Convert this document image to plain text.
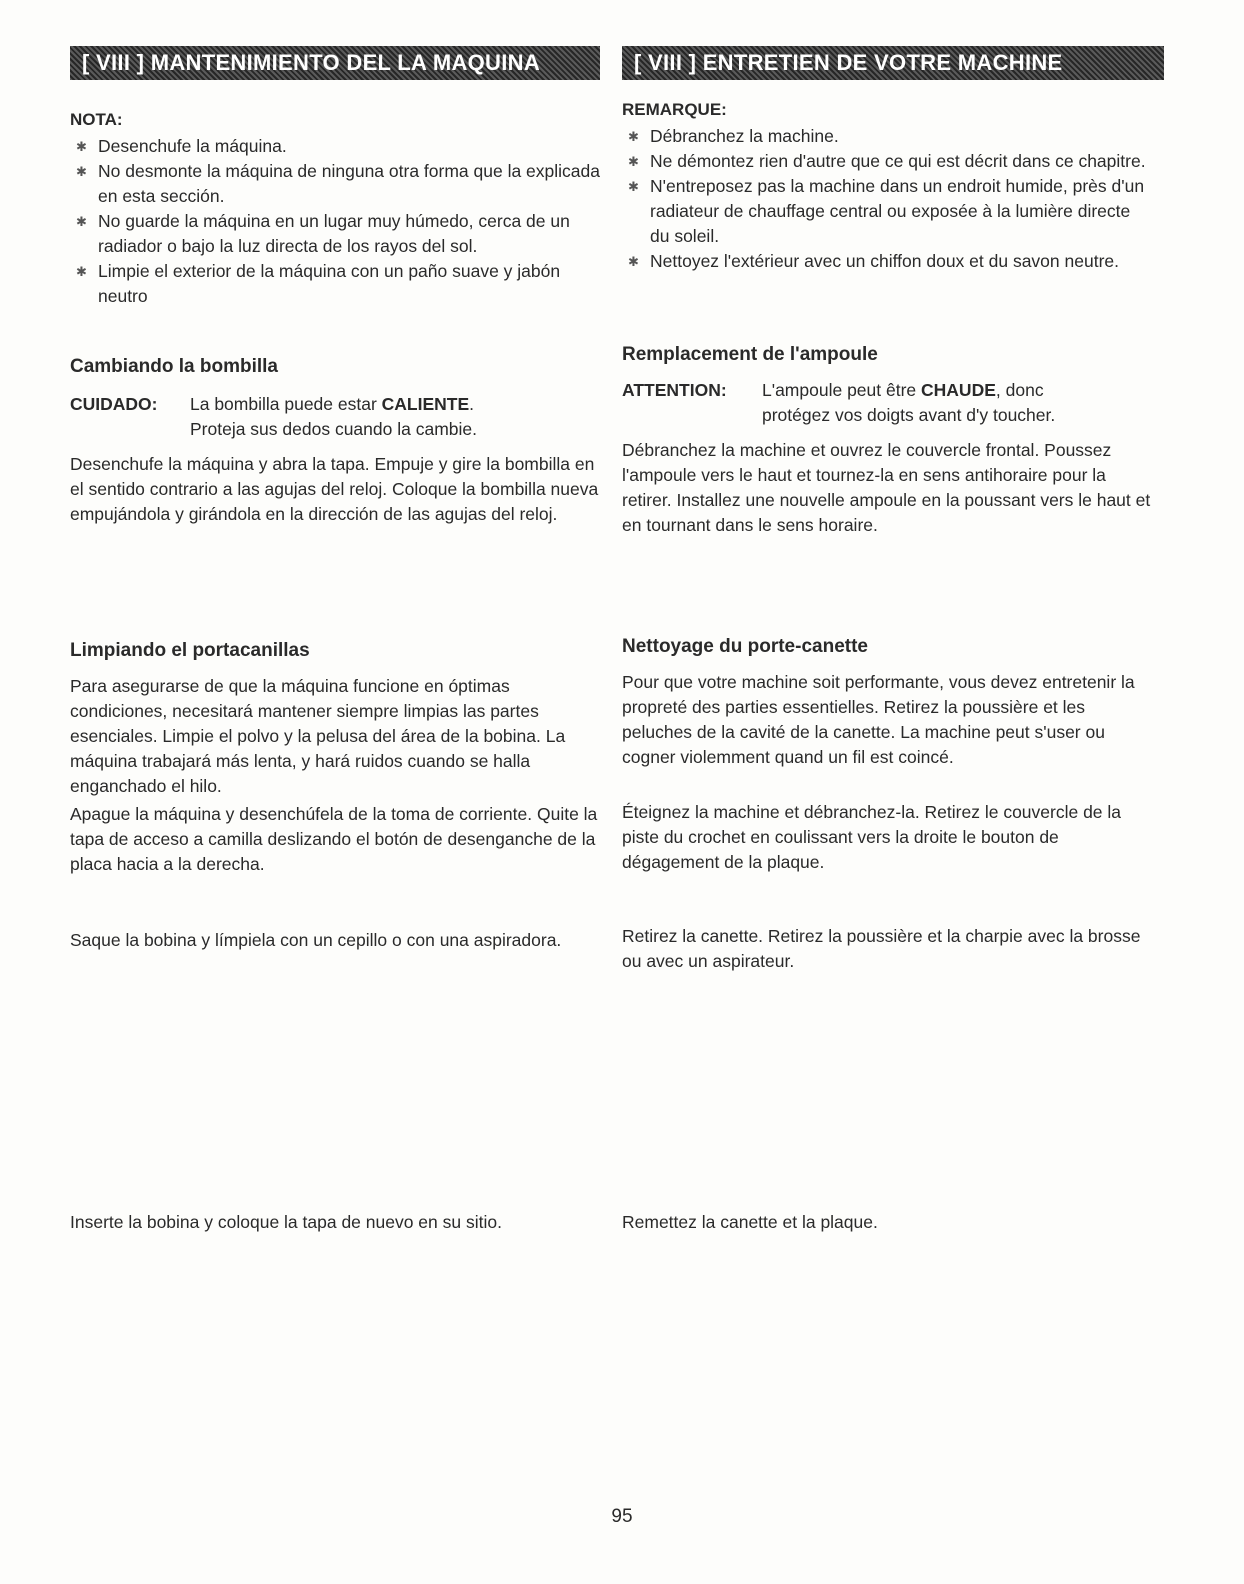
[ VIII ] MANTENIMIENTO DEL LA MAQUINA
NOTA:
✱ Desenchufe la máquina.
✱ No desmonte la máquina de ninguna otra forma que la explicada en esta sección.
✱ No guarde la máquina en un lugar muy húmedo, cerca de un radiador o bajo la luz directa de los rayos del sol.
✱ Limpie el exterior de la máquina con un paño suave y jabón neutro
Cambiando la bombilla
CUIDADO:	La bombilla puede estar CALIENTE.
Proteja sus dedos cuando la cambie.

Desenchufe la máquina y abra la tapa. Empuje y gire la bombilla en el sentido contrario a las agujas del reloj. Coloque la bombilla nueva empujándola y girándola en la dirección de las agujas del reloj.

Limpiando el portacanillas

Para asegurarse de que la máquina funcione en óptimas condiciones, necesitará mantener siempre limpias las partes esenciales. Limpie el polvo y la pelusa del área de la bobina. La máquina trabajará más lenta, y hará ruidos cuando se halla enganchado el hilo.

Apague la máquina y desenchúfela de la toma de corriente. Quite la tapa de acceso a camilla deslizando el botón de desenganche de la placa hacia a la derecha.

Saque la bobina y límpiela con un cepillo o con una aspiradora.

Inserte la bobina y coloque la tapa de nuevo en su sitio.

[ VIII ] ENTRETIEN DE VOTRE MACHINE
REMARQUE:
✱ Débranchez la machine.
✱ Ne démontez rien d'autre que ce qui est décrit dans ce chapitre.
✱ N'entreposez pas la machine dans un endroit humide, près d'un radiateur de chauffage central ou exposée à la lumière directe du soleil.
✱ Nettoyez l'extérieur avec un chiffon doux et du savon neutre.
Remplacement de l'ampoule
ATTENTION:	L'ampoule peut être CHAUDE, donc
protégez vos doigts avant d'y toucher.

Débranchez la machine et ouvrez le couvercle frontal. Poussez l'ampoule vers le haut et tournez-la en sens antihoraire pour la retirer. Installez une nouvelle ampoule en la poussant vers le haut et en tournant dans le sens horaire.

Nettoyage du porte-canette

Pour que votre machine soit performante, vous devez entretenir la propreté des parties essentielles. Retirez la poussière et les peluches de la cavité de la canette. La machine peut s'user ou cogner violemment quand un fil est coincé.

Éteignez la machine et débranchez-la. Retirez le couvercle de la piste du crochet en coulissant vers la droite le bouton de dégagement de la plaque.

Retirez la canette. Retirez la poussière et la charpie avec la brosse ou avec un aspirateur.

Remettez la canette et la plaque.

95
